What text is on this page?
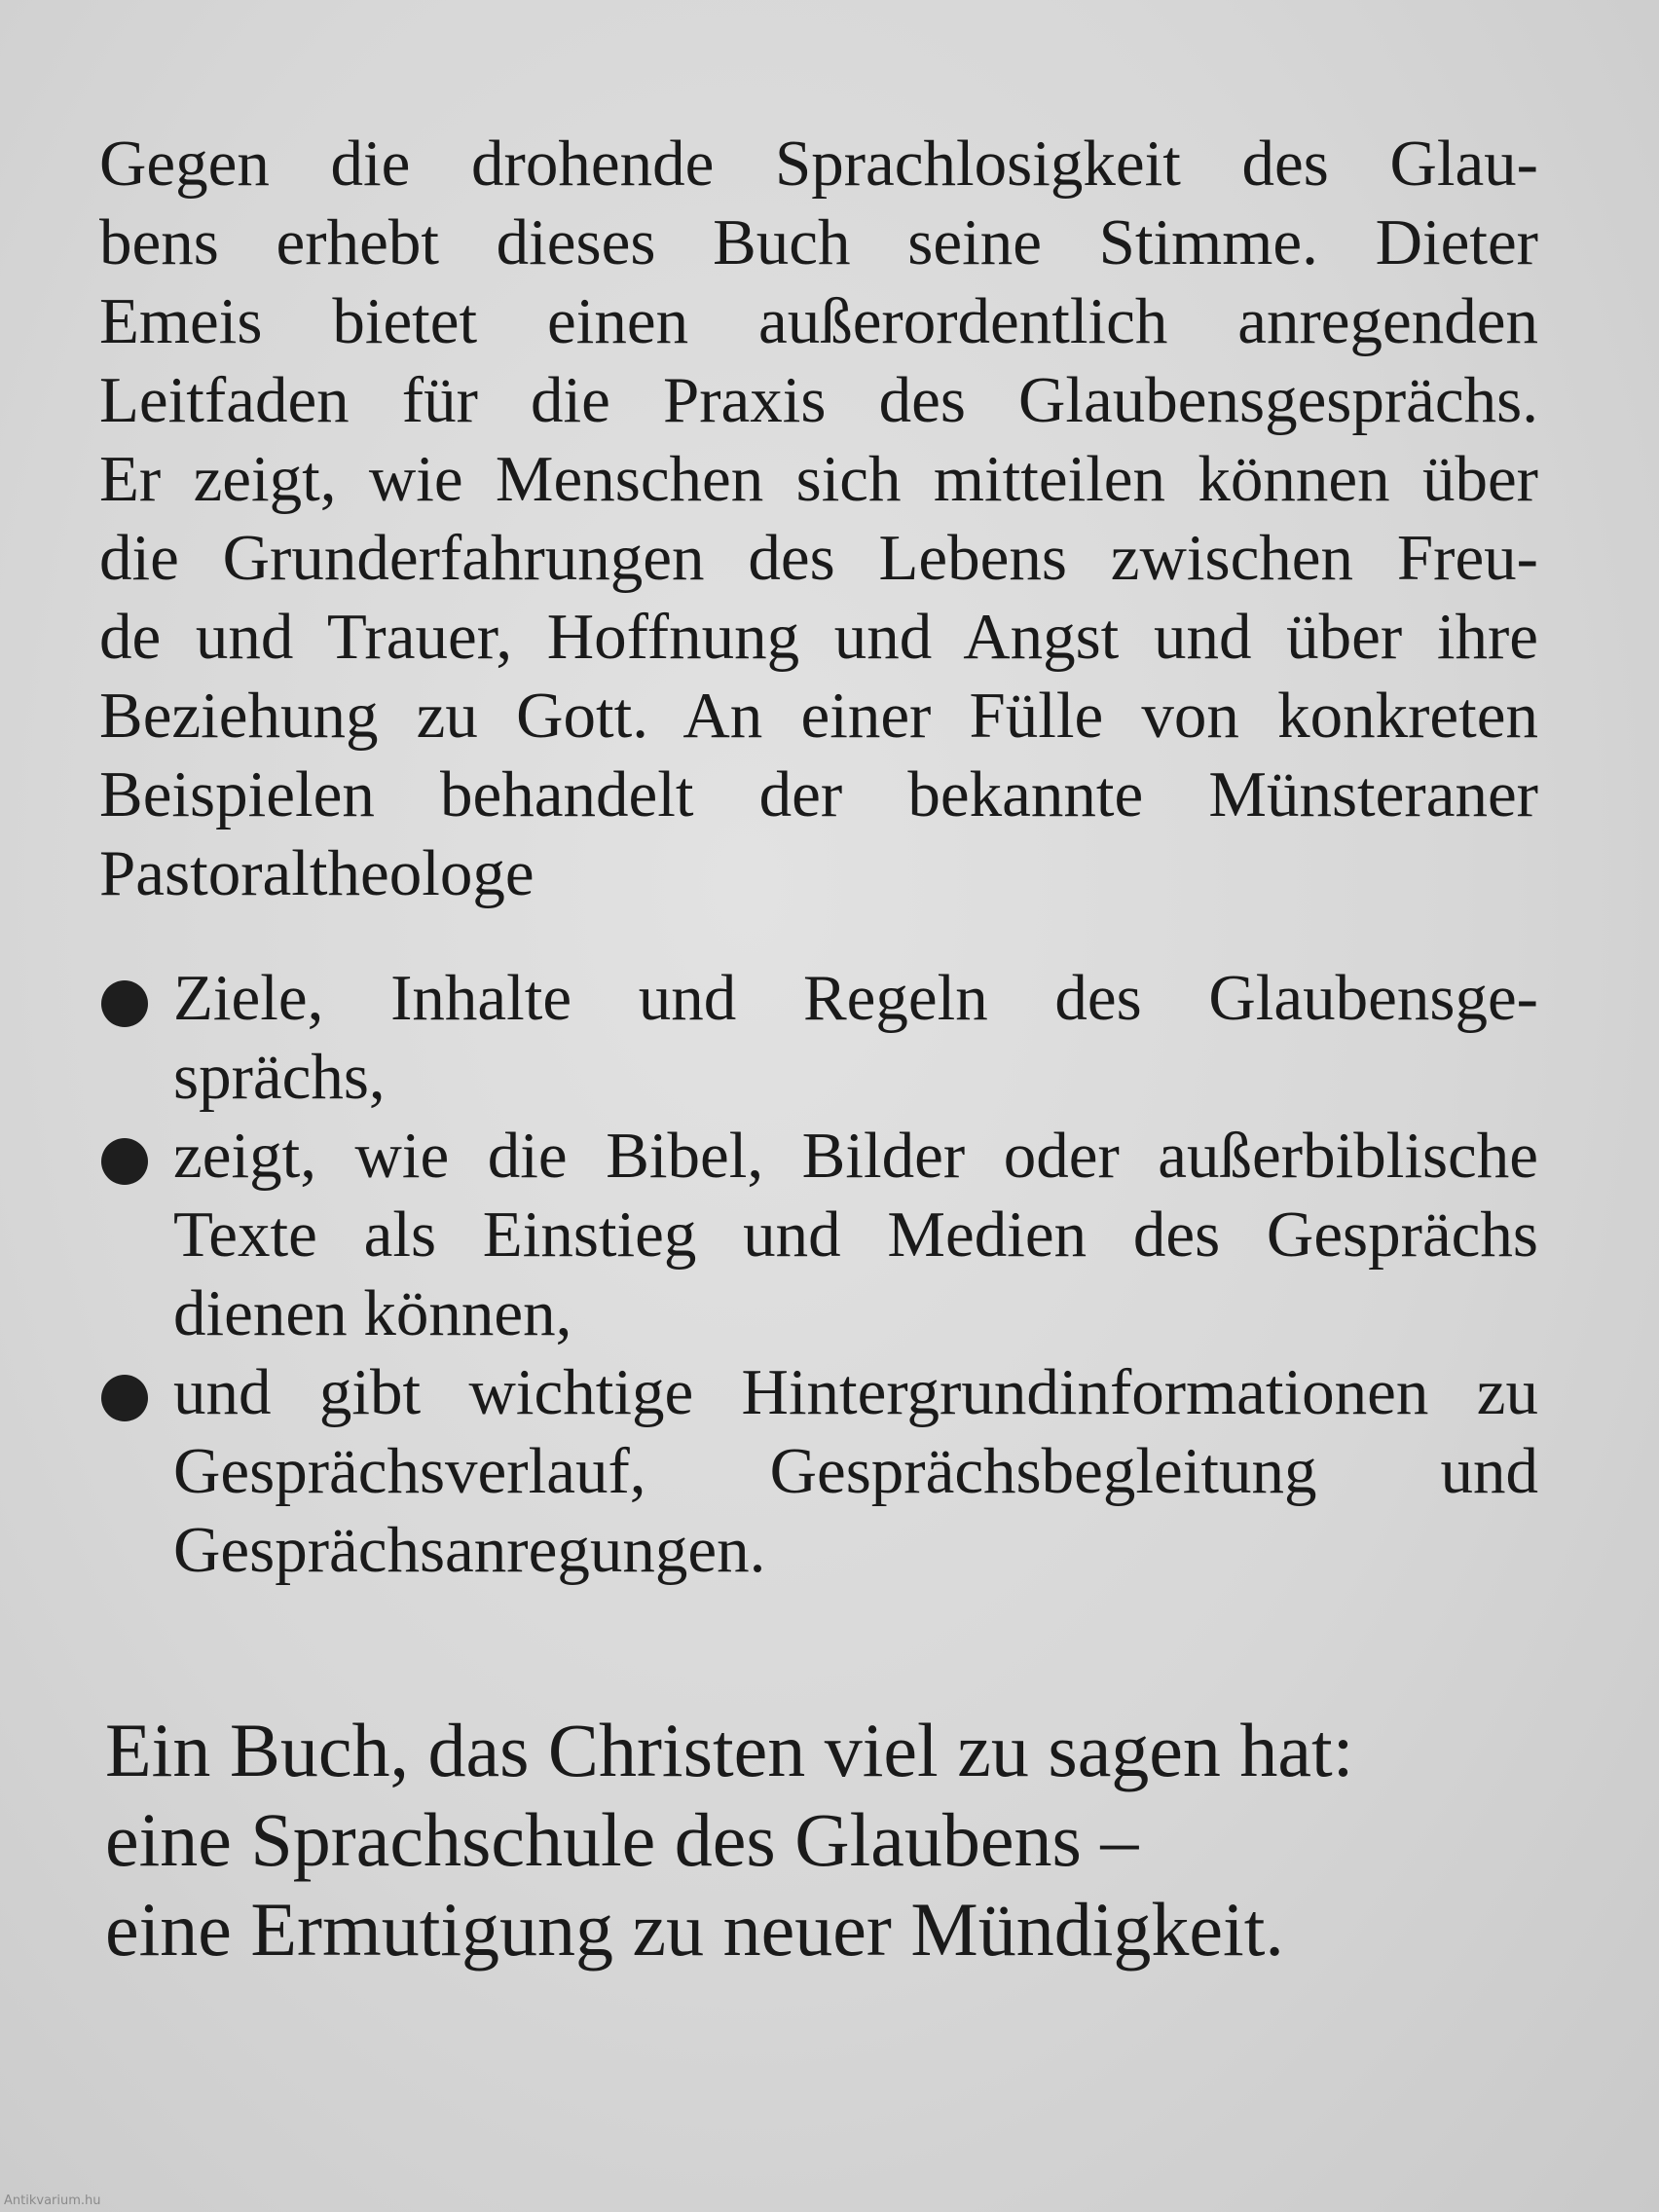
Gegen die drohende Sprachlosigkeit des Glau-
bens erhebt dieses Buch seine Stimme. Dieter
Emeis bietet einen außerordentlich anregenden
Leitfaden für die Praxis des Glaubensgesprächs.
Er zeigt, wie Menschen sich mitteilen können über
die Grunderfahrungen des Lebens zwischen Freu-
de und Trauer, Hoffnung und Angst und über ihre
Beziehung zu Gott. An einer Fülle von konkreten
Beispielen behandelt der bekannte Münsteraner
Pastoraltheologe

Ziele, Inhalte und Regeln des Glaubensge-
sprächs,
zeigt, wie die Bibel, Bilder oder außerbiblische
Texte als Einstieg und Medien des Gesprächs
dienen können,
und gibt wichtige Hintergrundinformationen zu
Gesprächsverlauf, Gesprächsbegleitung und
Gesprächsanregungen.

Ein Buch, das Christen viel zu sagen hat:
eine Sprachschule des Glaubens –
eine Ermutigung zu neuer Mündigkeit.

Antikvarium.hu
